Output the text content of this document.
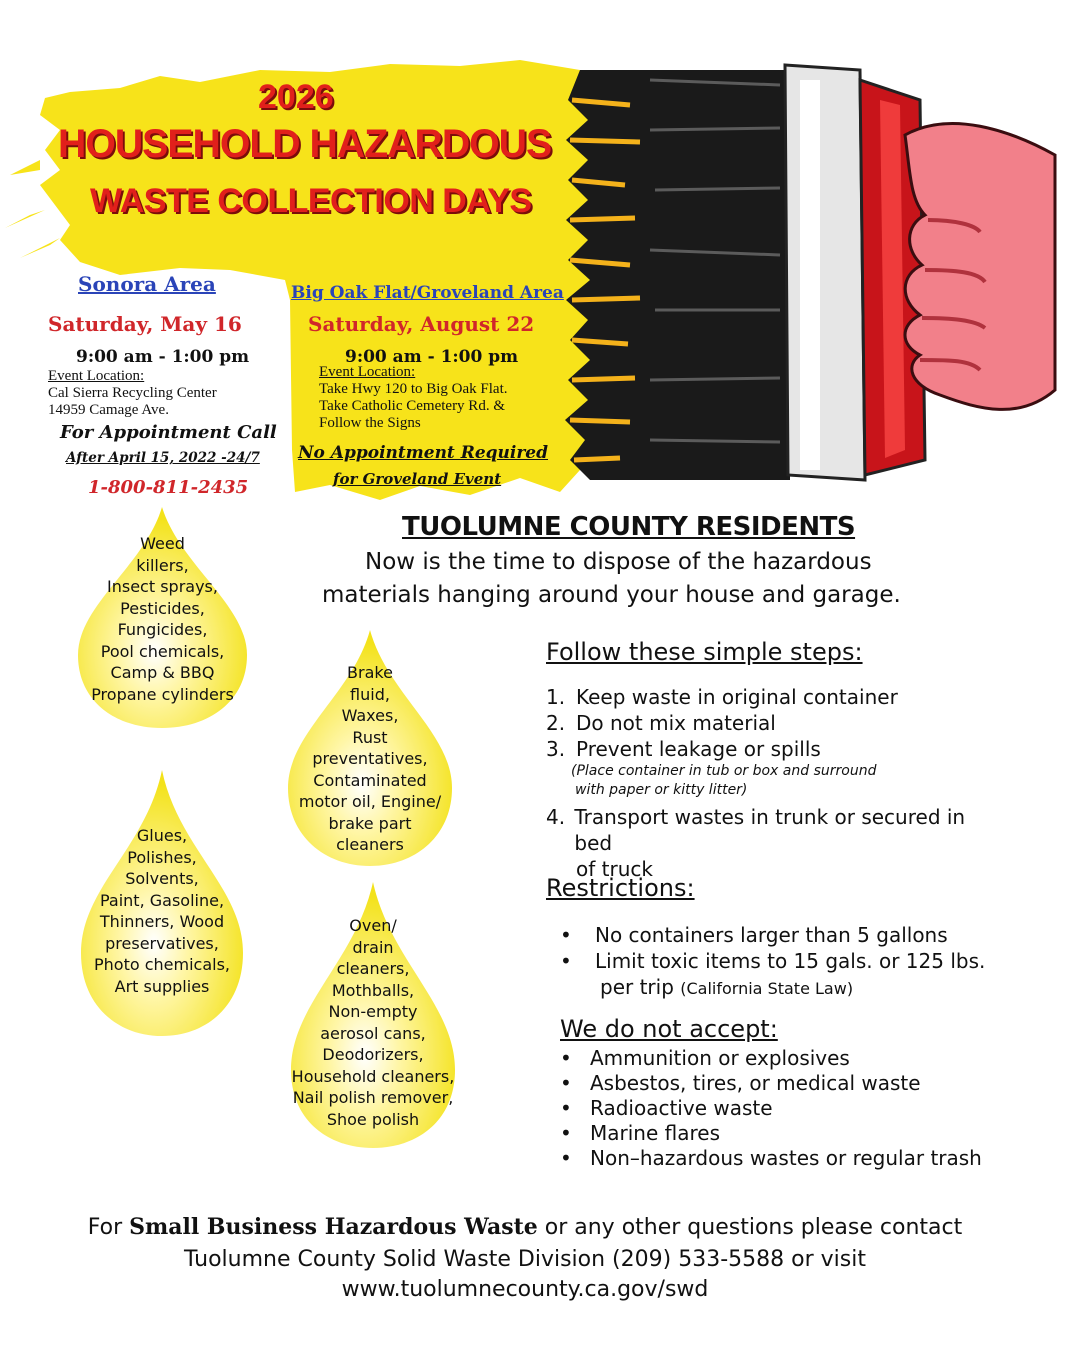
2026
HOUSEHOLD HAZARDOUS
WASTE COLLECTION DAYS
Sonora Area
Saturday, May 16
9:00 am - 1:00 pm
Event Location:
Cal Sierra Recycling Center
14959 Camage Ave.
For Appointment Call
After April 15, 2022 -24/7
1-800-811-2435
Big Oak Flat/Groveland Area
Saturday, August 22
9:00 am - 1:00 pm
Event Location:
Take Hwy 120 to Big Oak Flat.
Take Catholic Cemetery Rd. &
Follow the Signs
No Appointment Required
for Groveland Event
Weed
killers,
Insect sprays,
Pesticides,
Fungicides,
Pool chemicals,
Camp & BBQ
Propane cylinders
Brake
fluid,
Waxes,
Rust
preventatives,
Contaminated
motor oil, Engine/
brake part
cleaners
Glues,
Polishes,
Solvents,
Paint, Gasoline,
Thinners, Wood
preservatives,
Photo chemicals,
Art supplies
Oven/
drain
cleaners,
Mothballs,
Non-empty
aerosol cans,
Deodorizers,
Household cleaners,
Nail polish remover,
Shoe polish
TUOLUMNE COUNTY RESIDENTS
Now is the time to dispose of the hazardous
materials hanging around your house and garage.
Follow these simple steps:
1. Keep waste in original container
2. Do not mix material
3. Prevent leakage or spills
(Place container in tub or box and surround
with paper or kitty litter)
4. Transport wastes in trunk or secured in bed
of truck
Restrictions:
•	No containers larger than 5 gallons
•	Limit toxic items to 15 gals. or 125 lbs.
per trip (California State Law)
We do not accept:
• Ammunition or explosives
• Asbestos, tires, or medical waste
• Radioactive waste
• Marine flares
• Non–hazardous wastes or regular trash
For Small Business Hazardous Waste or any other questions please contact
Tuolumne County Solid Waste Division (209) 533-5588 or visit
www.tuolumnecounty.ca.gov/swd
